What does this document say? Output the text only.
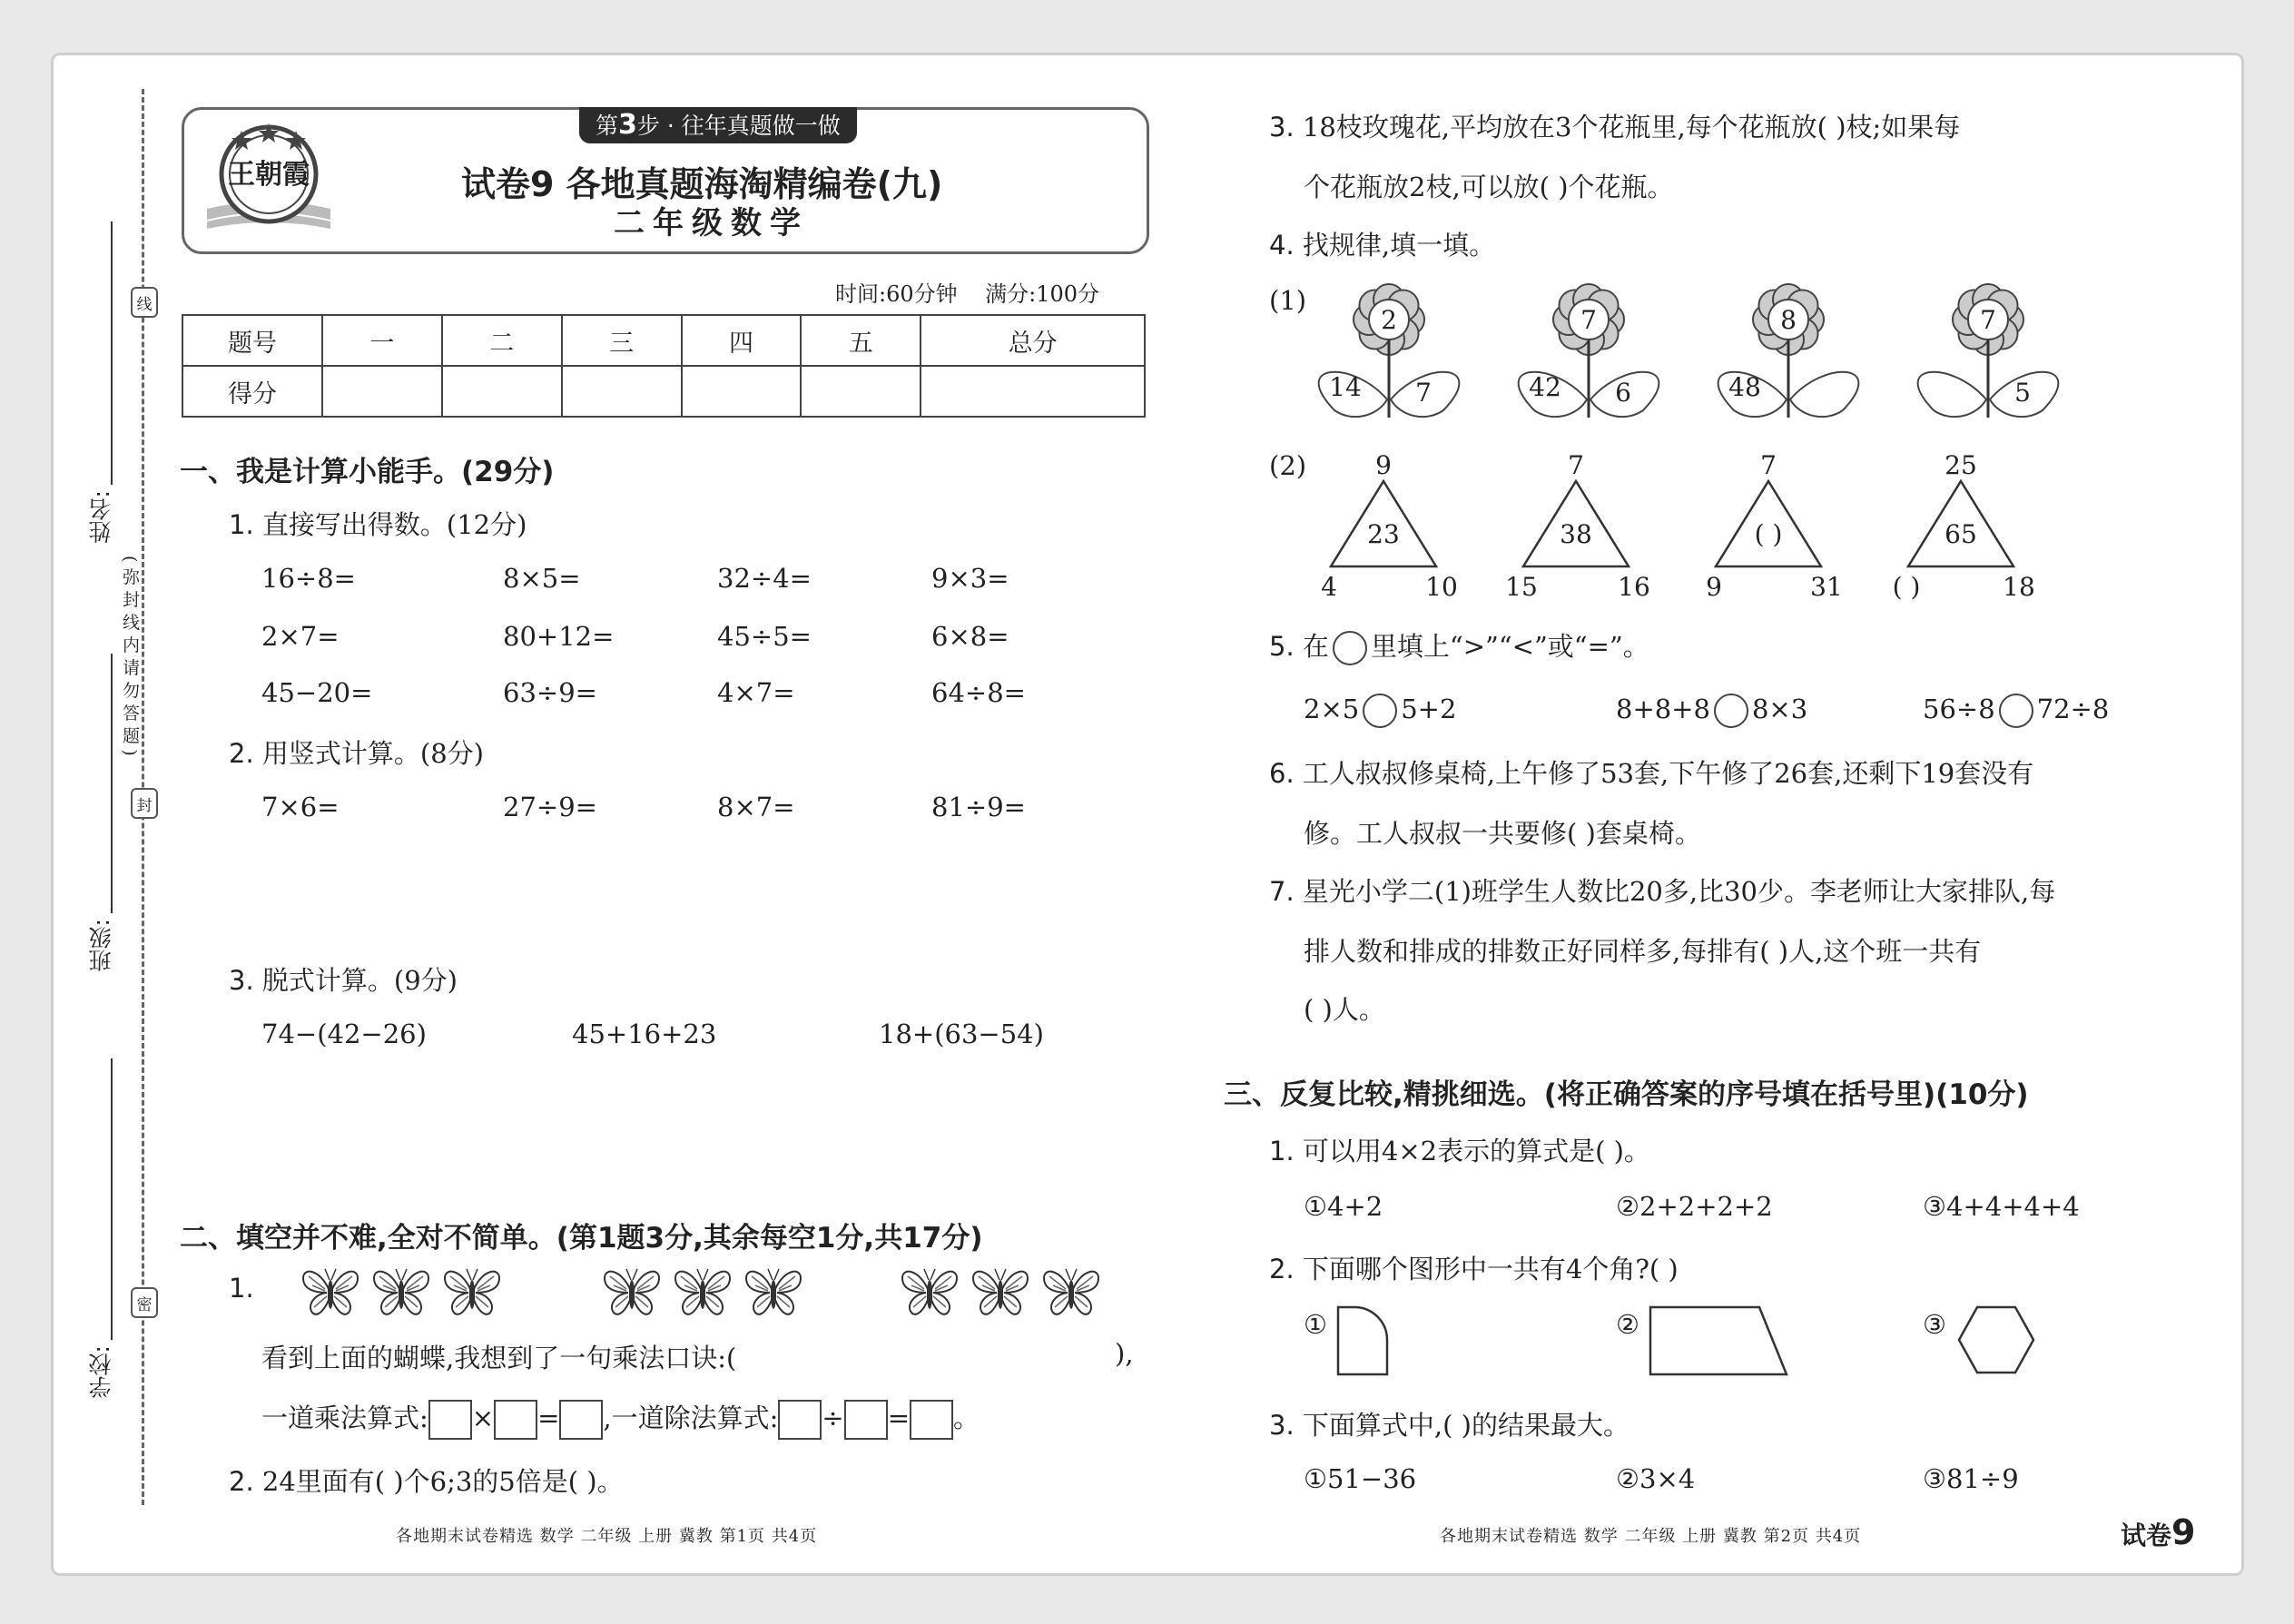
线
封
密
姓名:
班级:
学校:
(弥封线内请勿答题)
第3步 · 往年真题做一做
王朝霞	试卷9 各地真题海淘精编卷(九)
二年级数学
时间:60分钟 满分:100分
题号	一	二	三	四	五	总分
得分						
一、我是计算小能手。(29分)
1. 直接写出得数。(12分)
16÷8=	8×5=	32÷4=	9×3=
2×7=	80+12=	45÷5=	6×8=
45−20=	63÷9=	4×7=	64÷8=
2. 用竖式计算。(8分)
7×6=	27÷9=	8×7=	81÷9=
3. 脱式计算。(9分)
74−(42−26)	45+16+23	18+(63−54)
二、填空并不难,全对不简单。(第1题3分,其余每空1分,共17分)
1.
看到上面的蝴蝶,我想到了一句乘法口诀:(	),
一道乘法算式: × = ,一道除法算式: ÷ = 。
2. 24里面有( )个6;3的5倍是( )。
各地期末试卷精选 数学 二年级 上册 冀教 第1页 共4页
3. 18枝玫瑰花,平均放在3个花瓶里,每个花瓶放( )枝;如果每
个花瓶放2枝,可以放( )个花瓶。
4. 找规律,填一填。
(1)
2
14 7
7
42 6
8
48
7
5
(2)	9
23
4	10
7
38
15	16
7
( )
9	31
25
65
( )	18
5. 在 里填上“>”“<”或“=”。
2×5 5+2	8+8+8 8×3	56÷8 72÷8
6. 工人叔叔修桌椅,上午修了53套,下午修了26套,还剩下19套没有
修。工人叔叔一共要修( )套桌椅。
7. 星光小学二(1)班学生人数比20多,比30少。李老师让大家排队,每
排人数和排成的排数正好同样多,每排有( )人,这个班一共有
( )人。
三、反复比较,精挑细选。(将正确答案的序号填在括号里)(10分)
1. 可以用4×2表示的算式是( )。
①4+2	②2+2+2+2	③4+4+4+4
2. 下面哪个图形中一共有4个角?( )
①	②	③
3. 下面算式中,( )的结果最大。
①51−36	②3×4	③81÷9
各地期末试卷精选 数学 二年级 上册 冀教 第2页 共4页	试卷9
